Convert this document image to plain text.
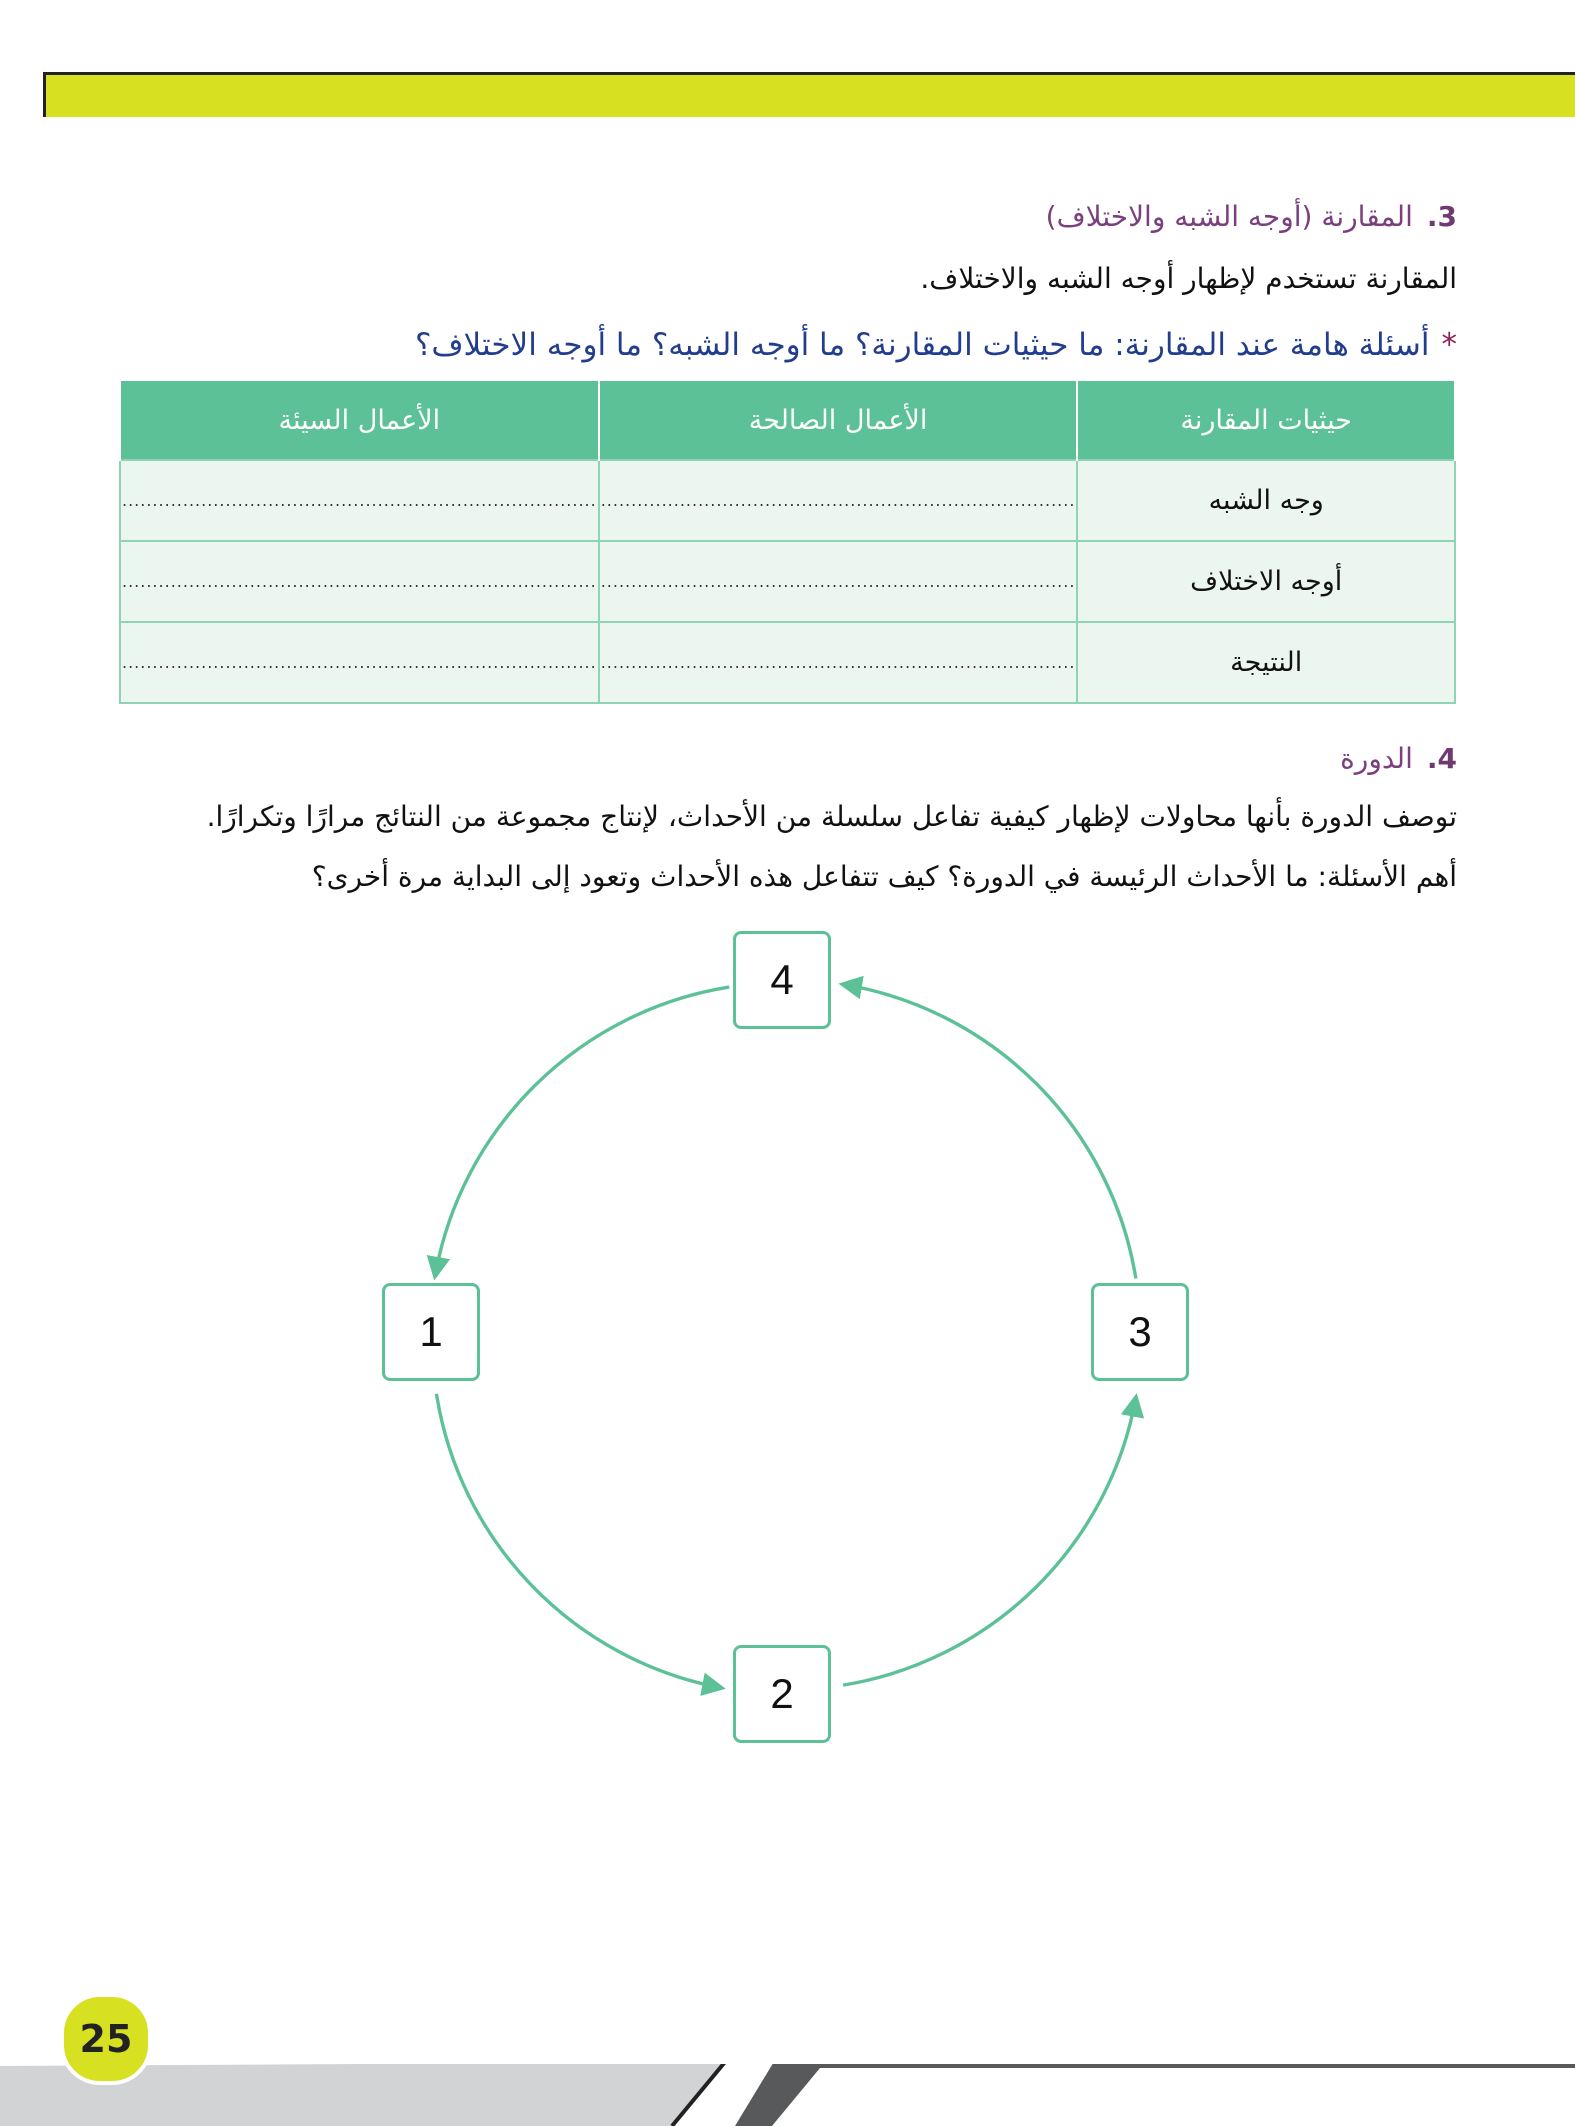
3.المقارنة (أوجه الشبه والاختلاف)
المقارنة تستخدم لإظهار أوجه الشبه والاختلاف.
*أسئلة هامة عند المقارنة: ما حيثيات المقارنة؟ ما أوجه الشبه؟ ما أوجه الاختلاف؟
حيثيات المقارنة	الأعمال الصالحة	الأعمال السيئة
وجه الشبه	..............................................................................	..............................................................................
أوجه الاختلاف	..............................................................................	..............................................................................
النتيجة	..............................................................................	..............................................................................
4.الدورة
توصف الدورة بأنها محاولات لإظهار كيفية تفاعل سلسلة من الأحداث، لإنتاج مجموعة من النتائج مرارًا وتكرارًا.
أهم الأسئلة: ما الأحداث الرئيسة في الدورة؟ كيف تتفاعل هذه الأحداث وتعود إلى البداية مرة أخرى؟
4
1	3
2
25
